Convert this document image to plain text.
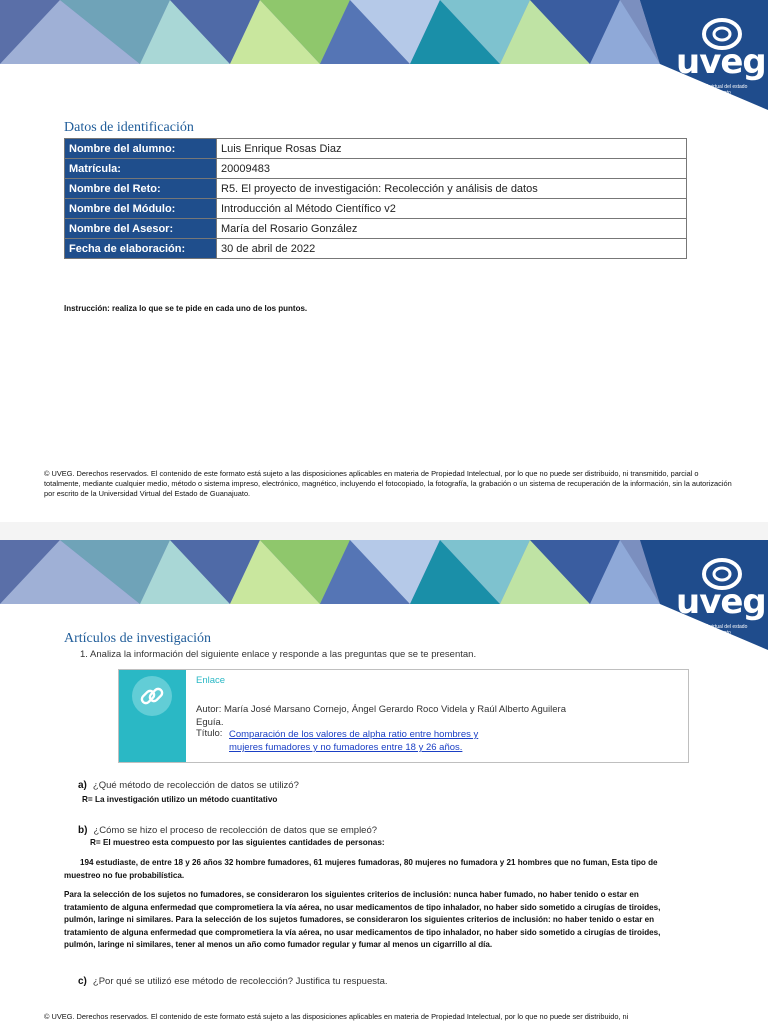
uveg
universidad virtual del estado de guanajuato
Datos de identificación
Nombre del alumno:	Luis Enrique Rosas Diaz
Matrícula:	20009483
Nombre del Reto:	R5. El proyecto de investigación: Recolección y análisis de datos
Nombre del Módulo:	Introducción al Método Científico v2
Nombre del Asesor:	María del Rosario González
Fecha de elaboración:	30 de abril de 2022
Instrucción: realiza lo que se te pide en cada uno de los puntos.
© UVEG. Derechos reservados. El contenido de este formato está sujeto a las disposiciones aplicables en materia de Propiedad Intelectual, por lo que no puede ser distribuido, ni transmitido, parcial o totalmente, mediante cualquier medio, método o sistema impreso, electrónico, magnético, incluyendo el fotocopiado, la fotografía, la grabación o un sistema de recuperación de la información, sin la autorización por escrito de la Universidad Virtual del Estado de Guanajuato.
uveg
universidad virtual del estado de guanajuato
Artículos de investigación
1. Analiza la información del siguiente enlace y responde a las preguntas que se te presentan.
Enlace
Autor: María José Marsano Cornejo, Ángel Gerardo Roco Videla y Raúl Alberto Aguilera Eguía.
Título: Comparación de los valores de alpha ratio entre hombres y mujeres fumadores y no fumadores entre 18 y 26 años.
a) ¿Qué método de recolección de datos se utilizó?
R= La investigación utilizo un método cuantitativo
b) ¿Cómo se hizo el proceso de recolección de datos que se empleó?
R= El muestreo esta compuesto por las siguientes cantidades de personas:
194 estudiaste, de entre 18 y 26 años 32 hombre fumadores, 61 mujeres fumadoras, 80 mujeres no fumadora y 21 hombres que no fuman, Esta tipo de muestreo no fue probabilística.
Para la selección de los sujetos no fumadores, se consideraron los siguientes criterios de inclusión: nunca haber fumado, no haber tenido o estar en tratamiento de alguna enfermedad que comprometiera la vía aérea, no usar medicamentos de tipo inhalador, no haber sido sometido a cirugías de tiroides, pulmón, laringe ni similares. Para la selección de los sujetos fumadores, se consideraron los siguientes criterios de inclusión: no haber tenido o estar en tratamiento de alguna enfermedad que comprometiera la vía aérea, no usar medicamentos de tipo inhalador, no haber sido sometido a cirugías de tiroides, pulmón, laringe ni similares, tener al menos un año como fumador regular y fumar al menos un cigarrillo al día.
c) ¿Por qué se utilizó ese método de recolección? Justifica tu respuesta.
© UVEG. Derechos reservados. El contenido de este formato está sujeto a las disposiciones aplicables en materia de Propiedad Intelectual, por lo que no puede ser distribuido, ni
